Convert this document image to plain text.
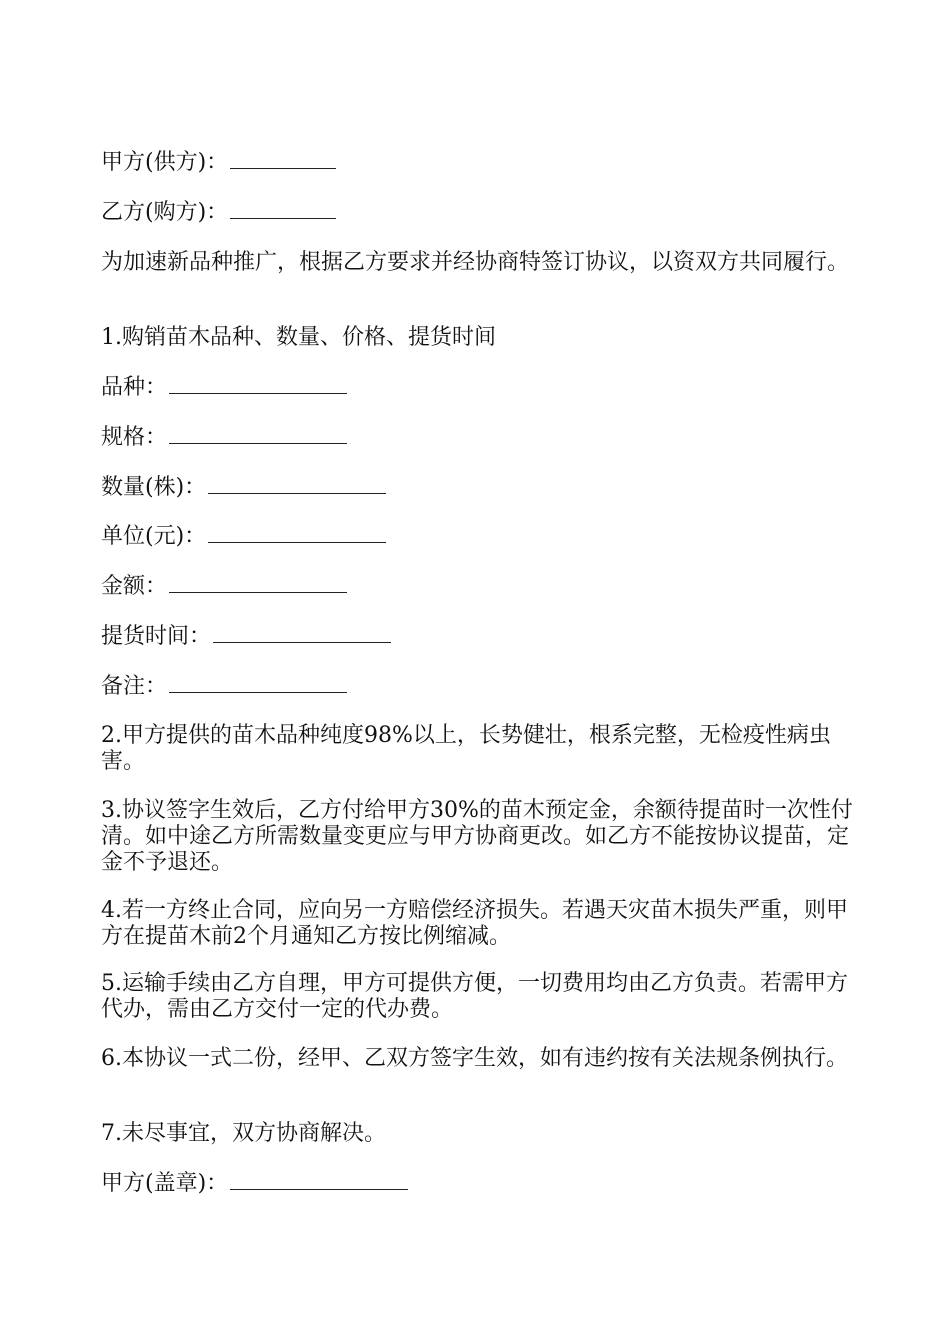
甲方(供方)：
乙方(购方)：
为加速新品种推广，根据乙方要求并经协商特签订协议，以资双方共同履行。
1.购销苗木品种、数量、价格、提货时间
品种：
规格：
数量(株)：
单位(元)：
金额：
提货时间：
备注：
2.甲方提供的苗木品种纯度98%以上，长势健壮，根系完整，无检疫性病虫害。
3.协议签字生效后，乙方付给甲方30%的苗木预定金，余额待提苗时一次性付清。如中途乙方所需数量变更应与甲方协商更改。如乙方不能按协议提苗，定金不予退还。
4.若一方终止合同，应向另一方赔偿经济损失。若遇天灾苗木损失严重，则甲方在提苗木前2个月通知乙方按比例缩减。
5.运输手续由乙方自理，甲方可提供方便，一切费用均由乙方负责。若需甲方代办，需由乙方交付一定的代办费。
6.本协议一式二份，经甲、乙双方签字生效，如有违约按有关法规条例执行。
7.未尽事宜，双方协商解决。
甲方(盖章)：
